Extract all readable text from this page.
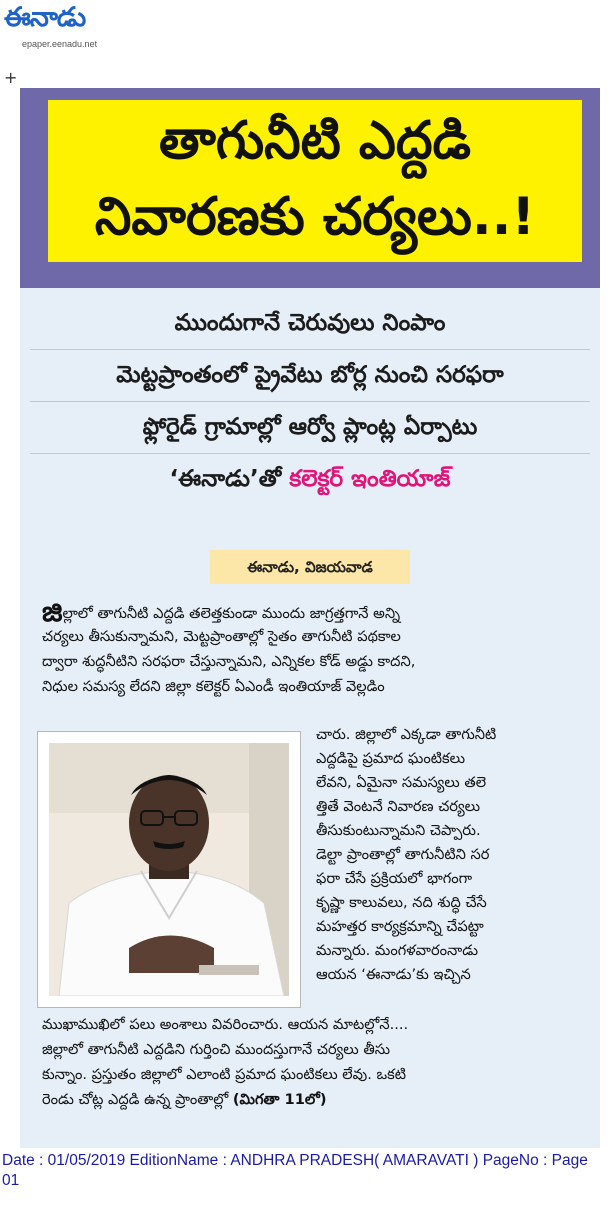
ఈనాడు
epaper.eenadu.net
+
తాగునీటి ఎద్దడి
నివారణకు చర్యలు..!
ముందుగానే చెరువులు నింపాం
మెట్టప్రాంతంలో ప్రైవేటు బోర్ల నుంచి సరఫరా
ఫ్లోరైడ్ గ్రామాల్లో ఆర్వో ప్లాంట్ల ఏర్పాటు
‘ఈనాడు’తో కలెక్టర్ ఇంతియాజ్
ఈనాడు, విజయవాడ
జిల్లాలో తాగునీటి ఎద్దడి తలెత్తకుండా ముందు జాగ్రత్తగానే అన్ని
చర్యలు తీసుకున్నామని, మెట్టప్రాంతాల్లో సైతం తాగునీటి పథకాల
ద్వారా శుద్ధనీటిని సరఫరా చేస్తున్నామని, ఎన్నికల కోడ్ అడ్డు కాదని,
నిధుల సమస్య లేదని జిల్లా కలెక్టర్ ఏఎండీ ఇంతియాజ్ వెల్లడిం
చారు. జిల్లాలో ఎక్కడా తాగునీటి
ఎద్దడిపై ప్రమాద ఘంటికలు
లేవని, ఏమైనా సమస్యలు తలె
త్తితే వెంటనే నివారణ చర్యలు
తీసుకుంటున్నామని చెప్పారు.
డెల్టా ప్రాంతాల్లో తాగునీటిని సర
ఫరా చేసే ప్రక్రియలో భాగంగా
కృష్ణా కాలువలు, నది శుద్ధి చేసే
మహత్తర కార్యక్రమాన్ని చేపట్టా
మన్నారు. మంగళవారంనాడు
ఆయన ‘ఈనాడు’కు ఇచ్చిన
ముఖాముఖిలో పలు అంశాలు వివరించారు. ఆయన మాటల్లోనే....
జిల్లాలో తాగునీటి ఎద్దడిని గుర్తించి ముందస్తుగానే చర్యలు తీసు
కున్నాం. ప్రస్తుతం జిల్లాలో ఎలాంటి ప్రమాద ఘంటికలు లేవు. ఒకటి
రెండు చోట్ల ఎద్దడి ఉన్న ప్రాంతాల్లో (మిగతా 11లో)
Date : 01/05/2019 EditionName : ANDHRA PRADESH( AMARAVATI ) PageNo : Page 01
